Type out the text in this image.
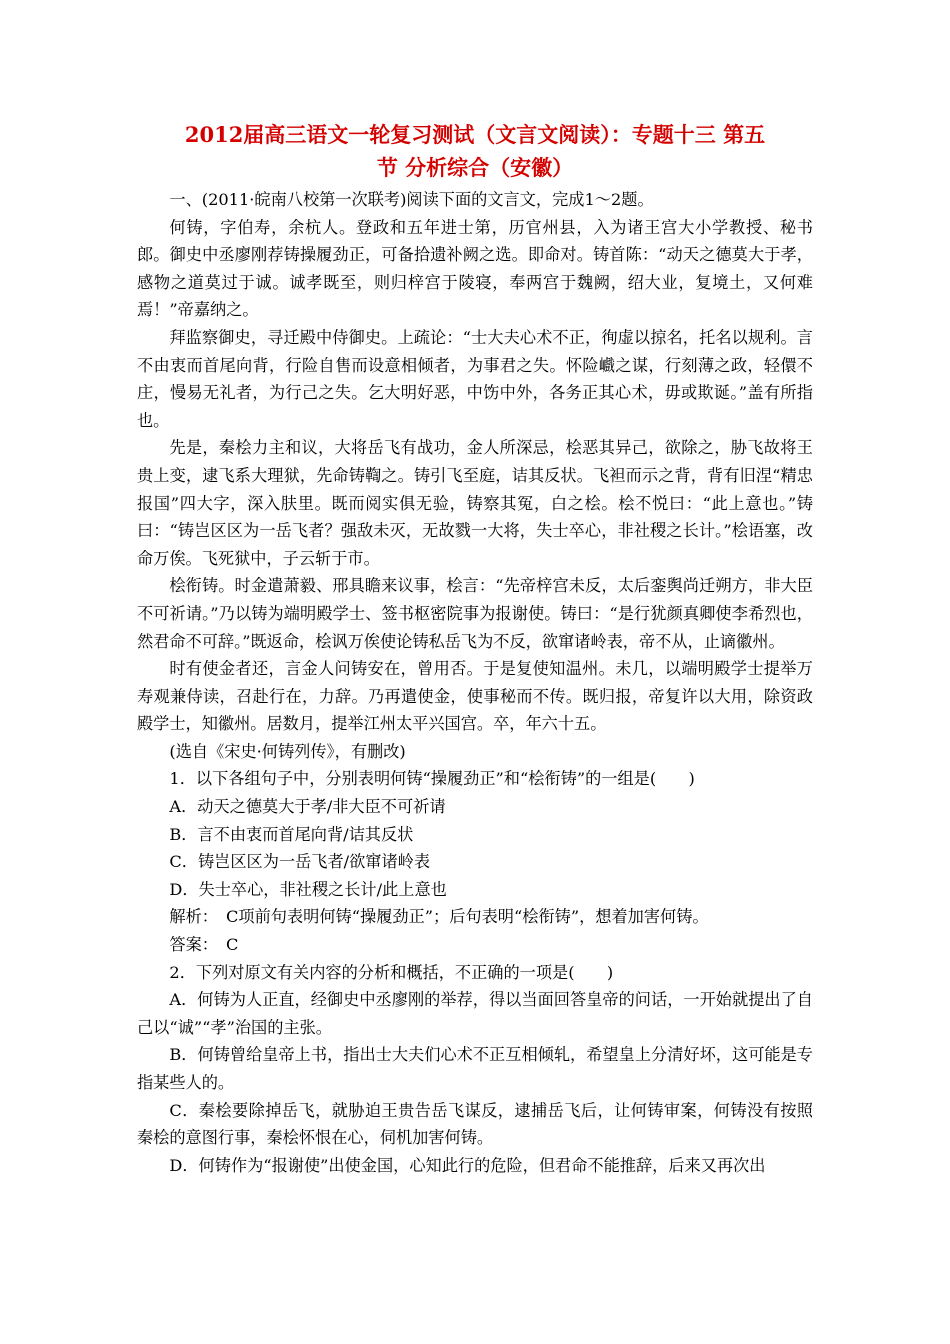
2012届高三语文一轮复习测试（文言文阅读）：专题十三 第五
节 分析综合（安徽）

一、(2011·皖南八校第一次联考)阅读下面的文言文，完成1～2题。

何铸，字伯寿，余杭人。登政和五年进士第，历官州县，入为诸王宫大小学教授、秘书郎。御史中丞廖刚荐铸操履劲正，可备拾遗补阙之选。即命对。铸首陈：“动天之德莫大于孝，感物之道莫过于诚。诚孝既至，则归梓宫于陵寝，奉两宫于魏阙，绍大业，复境土，又何难焉！”帝嘉纳之。

拜监察御史，寻迁殿中侍御史。上疏论：“士大夫心术不正，徇虚以掠名，托名以规利。言不由衷而首尾向背，行险自售而设意相倾者，为事君之失。怀险巇之谋，行刻薄之政，轻儇不庄，慢易无礼者，为行己之失。乞大明好恶，中饬中外，各务正其心术，毋或欺诞。”盖有所指也。

先是，秦桧力主和议，大将岳飞有战功，金人所深忌，桧恶其异己，欲除之，胁飞故将王贵上变，逮飞系大理狱，先命铸鞫之。铸引飞至庭，诘其反状。飞袒而示之背，背有旧涅“精忠报国”四大字，深入肤里。既而阅实俱无验，铸察其冤，白之桧。桧不悦曰：“此上意也。”铸曰：“铸岂区区为一岳飞者？强敌未灭，无故戮一大将，失士卒心，非社稷之长计。”桧语塞，改命万俟。飞死狱中，子云斩于市。

桧衔铸。时金遣萧毅、邢具瞻来议事，桧言：“先帝梓宫未反，太后銮舆尚迁朔方，非大臣不可祈请。”乃以铸为端明殿学士、签书枢密院事为报谢使。铸曰：“是行犹颜真卿使李希烈也，然君命不可辞。”既返命，桧讽万俟使论铸私岳飞为不反，欲窜诸岭表，帝不从，止谪徽州。

时有使金者还，言金人问铸安在，曾用否。于是复使知温州。未几，以端明殿学士提举万寿观兼侍读，召赴行在，力辞。乃再遣使金，使事秘而不传。既归报，帝复许以大用，除资政殿学士，知徽州。居数月，提举江州太平兴国宫。卒，年六十五。

(选自《宋史·何铸列传》，有删改)

1．以下各组句子中，分别表明何铸“操履劲正”和“桧衔铸”的一组是(　　)

A．动天之德莫大于孝/非大臣不可祈请

B．言不由衷而首尾向背/诘其反状

C．铸岂区区为一岳飞者/欲窜诸岭表

D．失士卒心，非社稷之长计/此上意也

解析：　C项前句表明何铸“操履劲正”；后句表明“桧衔铸”，想着加害何铸。

答案：　C

2．下列对原文有关内容的分析和概括，不正确的一项是(　　)

A．何铸为人正直，经御史中丞廖刚的举荐，得以当面回答皇帝的问话，一开始就提出了自己以“诚”“孝”治国的主张。

B．何铸曾给皇帝上书，指出士大夫们心术不正互相倾轧，希望皇上分清好坏，这可能是专指某些人的。

C．秦桧要除掉岳飞，就胁迫王贵告岳飞谋反，逮捕岳飞后，让何铸审案，何铸没有按照秦桧的意图行事，秦桧怀恨在心，伺机加害何铸。

D．何铸作为“报谢使”出使金国，心知此行的危险，但君命不能推辞，后来又再次出
